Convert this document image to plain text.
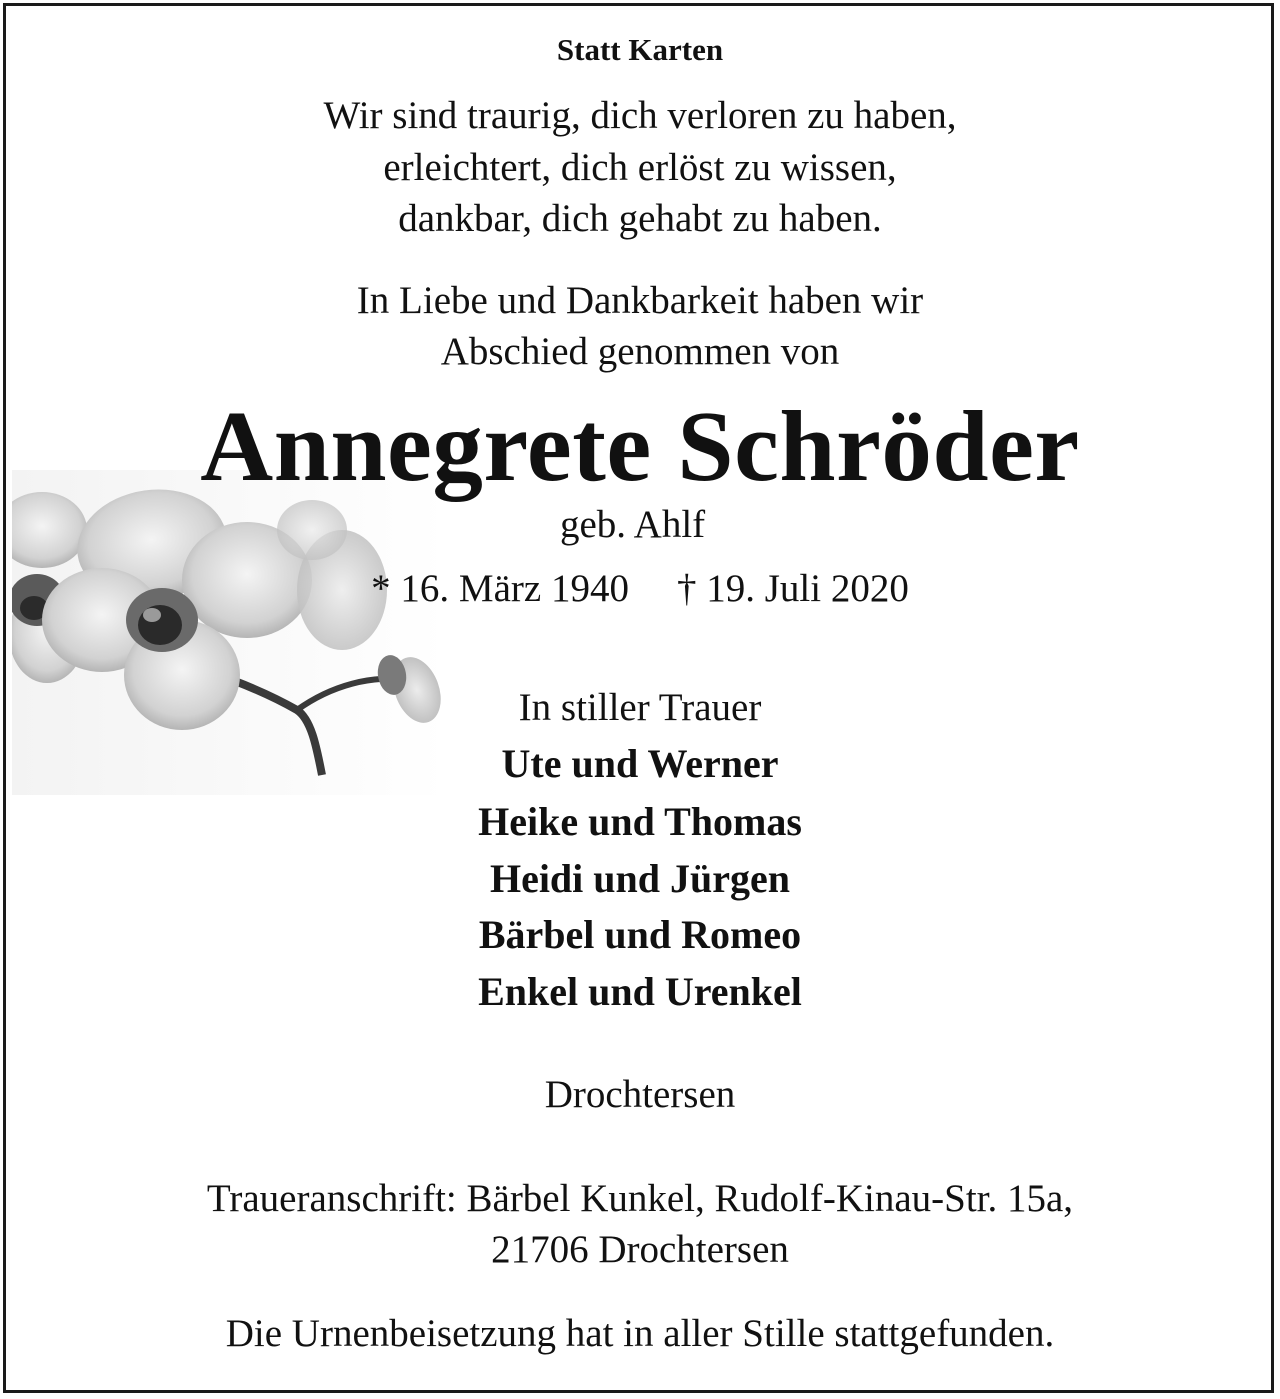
Statt Karten
Wir sind traurig, dich verloren zu haben,
erleichtert, dich erlöst zu wissen,
dankbar, dich gehabt zu haben.
In Liebe und Dankbarkeit haben wir
Abschied genommen von
Annegrete Schröder
geb. Ahlf
* 16. März 1940 † 19. Juli 2020
In stiller Trauer
Ute und Werner
Heike und Thomas
Heidi und Jürgen
Bärbel und Romeo
Enkel und Urenkel
Drochtersen
Traueranschrift: Bärbel Kunkel, Rudolf-Kinau-Str. 15a,
21706 Drochtersen
Die Urnenbeisetzung hat in aller Stille stattgefunden.
